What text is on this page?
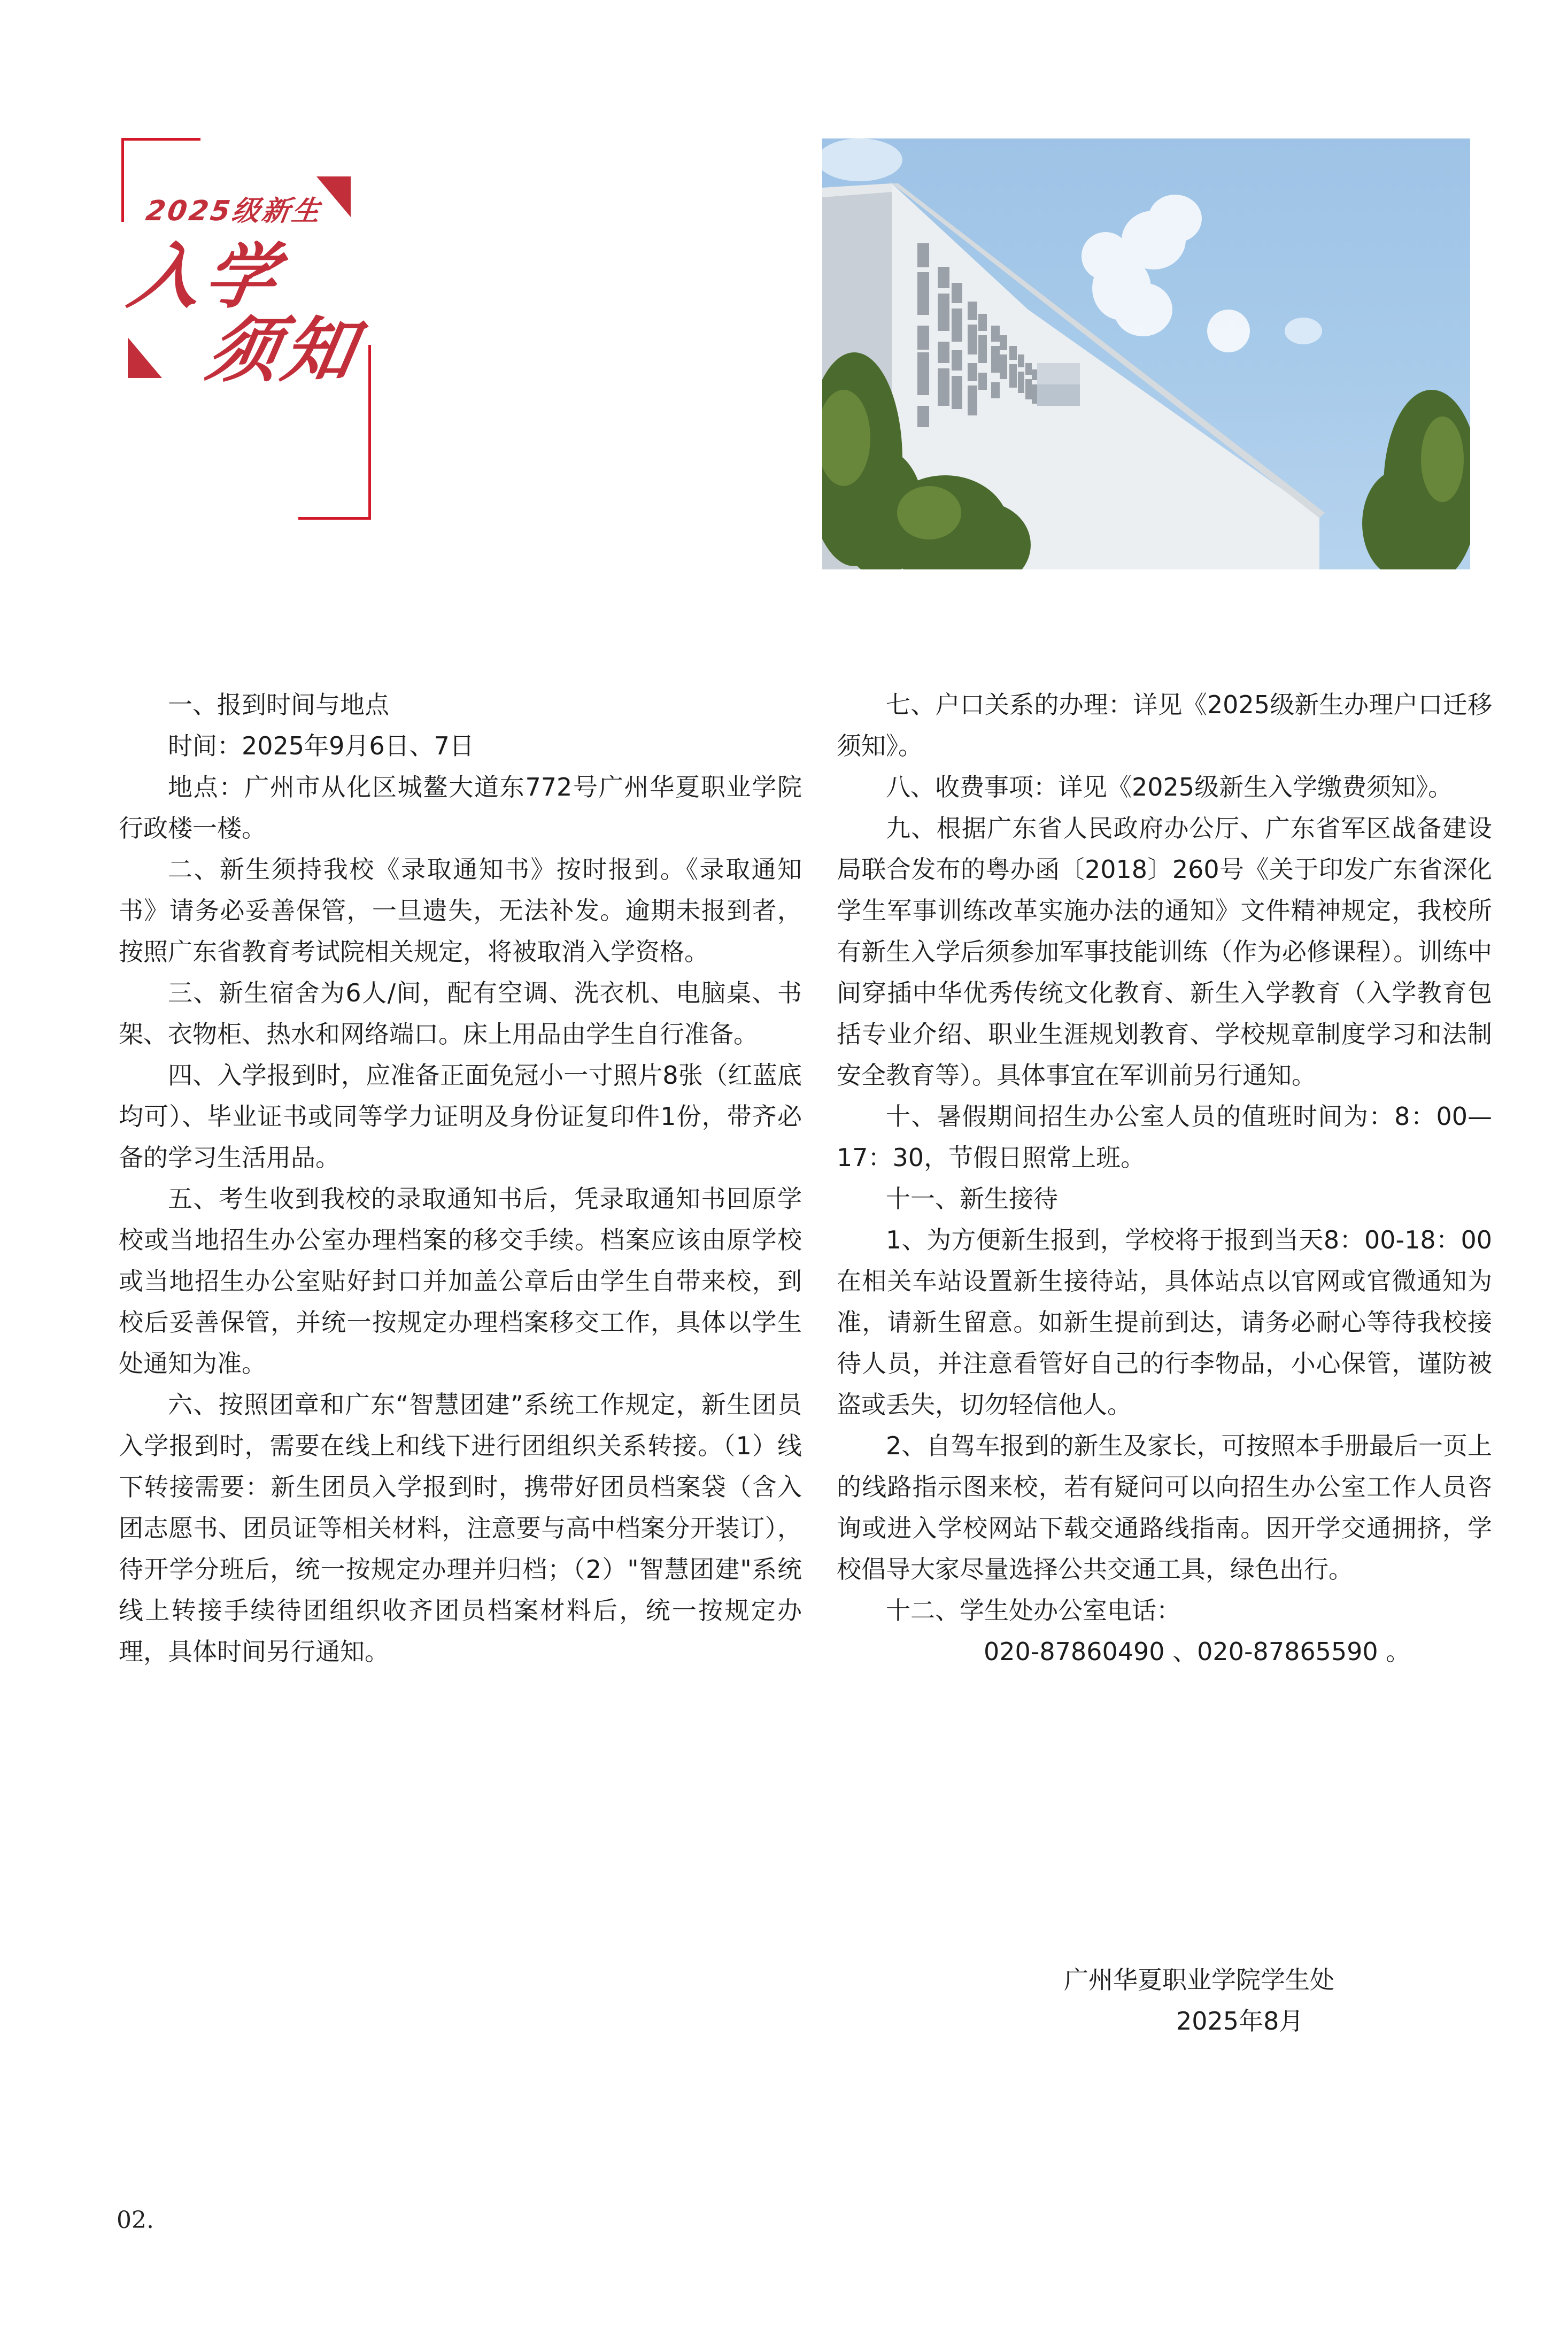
2025级新生
入学
须知

一、报到时间与地点

时间：2025年9月6日、7日

地点：广州市从化区城鳌大道东772号广州华夏职业学院行政楼一楼。

二、新生须持我校《录取通知书》按时报到。《录取通知书》请务必妥善保管，一旦遗失，无法补发。逾期未报到者，按照广东省教育考试院相关规定，将被取消入学资格。

三、新生宿舍为6人/间，配有空调、洗衣机、电脑桌、书架、衣物柜、热水和网络端口。床上用品由学生自行准备。

四、入学报到时，应准备正面免冠小一寸照片8张（红蓝底均可）、毕业证书或同等学力证明及身份证复印件1份，带齐必备的学习生活用品。

五、考生收到我校的录取通知书后，凭录取通知书回原学校或当地招生办公室办理档案的移交手续。档案应该由原学校或当地招生办公室贴好封口并加盖公章后由学生自带来校，到校后妥善保管，并统一按规定办理档案移交工作，具体以学生处通知为准。

六、按照团章和广东“智慧团建”系统工作规定，新生团员入学报到时，需要在线上和线下进行团组织关系转接。（1）线下转接需要：新生团员入学报到时，携带好团员档案袋（含入团志愿书、团员证等相关材料，注意要与高中档案分开装订），待开学分班后，统一按规定办理并归档；（2）"智慧团建"系统线上转接手续待团组织收齐团员档案材料后，统一按规定办理，具体时间另行通知。

七、户口关系的办理：详见《2025级新生办理户口迁移须知》。

八、收费事项：详见《2025级新生入学缴费须知》。

九、根据广东省人民政府办公厅、广东省军区战备建设局联合发布的粤办函〔2018〕260号《关于印发广东省深化学生军事训练改革实施办法的通知》文件精神规定，我校所有新生入学后须参加军事技能训练（作为必修课程）。训练中间穿插中华优秀传统文化教育、新生入学教育（入学教育包括专业介绍、职业生涯规划教育、学校规章制度学习和法制安全教育等）。具体事宜在军训前另行通知。

十、暑假期间招生办公室人员的值班时间为：8：00—17：30，节假日照常上班。

十一、新生接待

1、为方便新生报到，学校将于报到当天8：00-18：00在相关车站设置新生接待站，具体站点以官网或官微通知为准，请新生留意。如新生提前到达，请务必耐心等待我校接待人员，并注意看管好自己的行李物品，小心保管，谨防被盗或丢失，切勿轻信他人。

2、自驾车报到的新生及家长，可按照本手册最后一页上的线路指示图来校，若有疑问可以向招生办公室工作人员咨询或进入学校网站下载交通路线指南。因开学交通拥挤，学校倡导大家尽量选择公共交通工具，绿色出行。

十二、学生处办公室电话：

020-87860490 、020-87865590 。

广州华夏职业学院学生处
2025年8月
02.
